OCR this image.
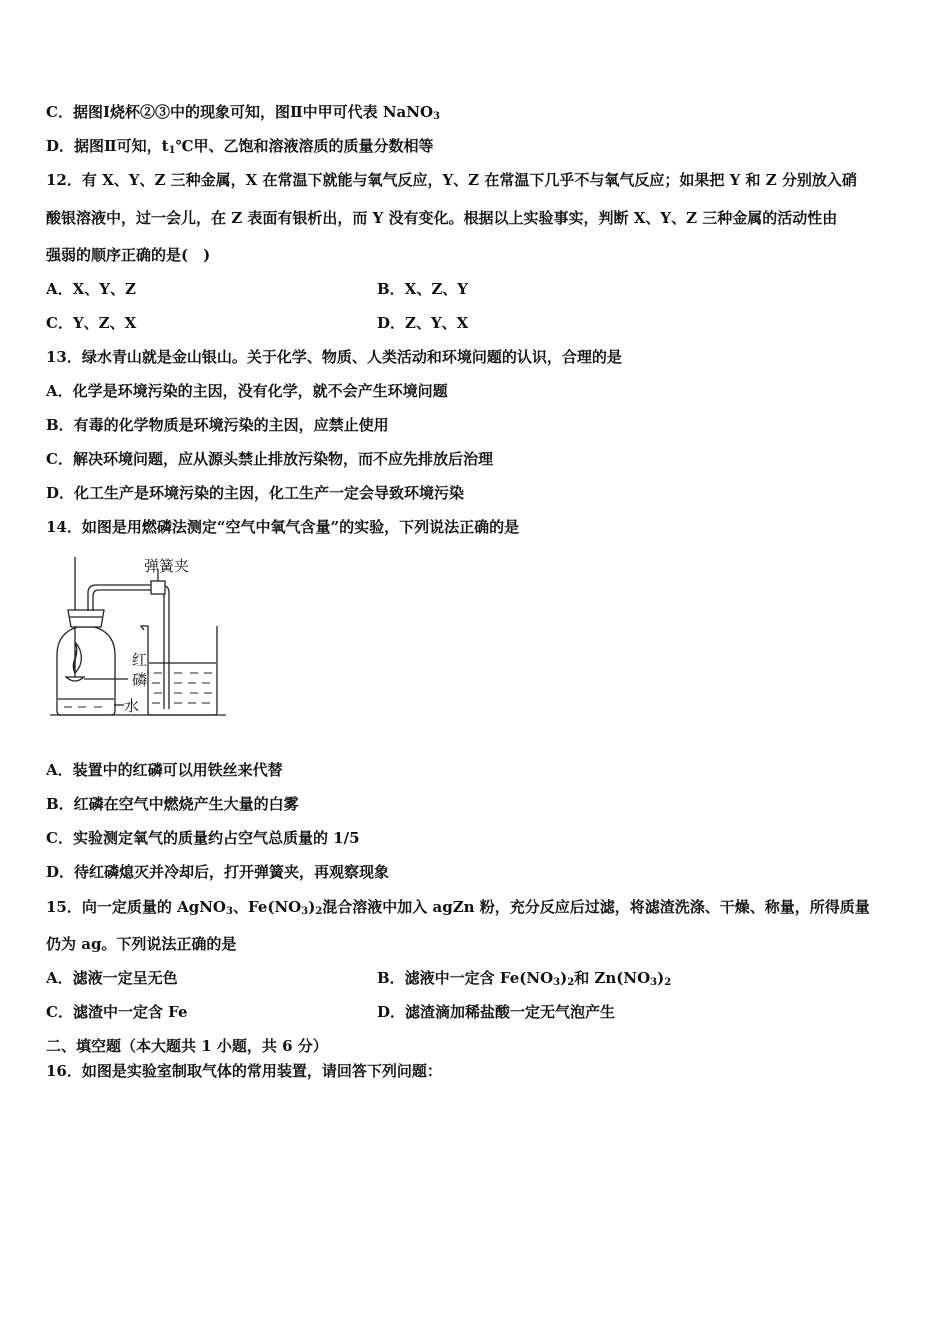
C．据图Ⅰ烧杯②③中的现象可知，图Ⅱ中甲可代表 NaNO$_3$
D．据图Ⅱ可知，$t_1℃$甲、乙饱和溶液溶质的质量分数相等
12．有 X、Y、Z 三种金属，X 在常温下就能与氧气反应，Y、Z 在常温下几乎不与氧气反应；如果把 Y 和 Z 分别放入硝
酸银溶液中，过一会儿，在 Z 表面有银析出，而 Y 没有变化。根据以上实验事实，判断 X、Y、Z 三种金属的活动性由
强弱的顺序正确的是(　)
A．X、Y、Z	B．X、Z、Y
C．Y、Z、X	D．Z、Y、X
13．绿水青山就是金山银山。关于化学、物质、人类活动和环境问题的认识，合理的是
A．化学是环境污染的主因，没有化学，就不会产生环境问题
B．有毒的化学物质是环境污染的主因，应禁止使用
C．解决环境问题，应从源头禁止排放污染物，而不应先排放后治理
D．化工生产是环境污染的主因，化工生产一定会导致环境污染
14．如图是用燃磷法测定“空气中氧气含量”的实验，下列说法正确的是
弹簧夹
红
磷
水
A．装置中的红磷可以用铁丝来代替
B．红磷在空气中燃烧产生大量的白雾
C．实验测定氧气的质量约占空气总质量的 1/5
D．待红磷熄灭并冷却后，打开弹簧夹，再观察现象
15．向一定质量的 AgNO$_3$、$Fe(NO_3)_2$混合溶液中加入 agZn 粉，充分反应后过滤，将滤渣洗涤、干燥、称量，所得质量
仍为 ag。下列说法正确的是
A．滤液一定呈无色	B．滤液中一定含 $Fe(NO_3)_2$和 $Zn(NO_3)_2$
C．滤渣中一定含 Fe	D．滤渣滴加稀盐酸一定无气泡产生
二、填空题（本大题共 1 小题，共 6 分）
16．如图是实验室制取气体的常用装置，请回答下列问题：
